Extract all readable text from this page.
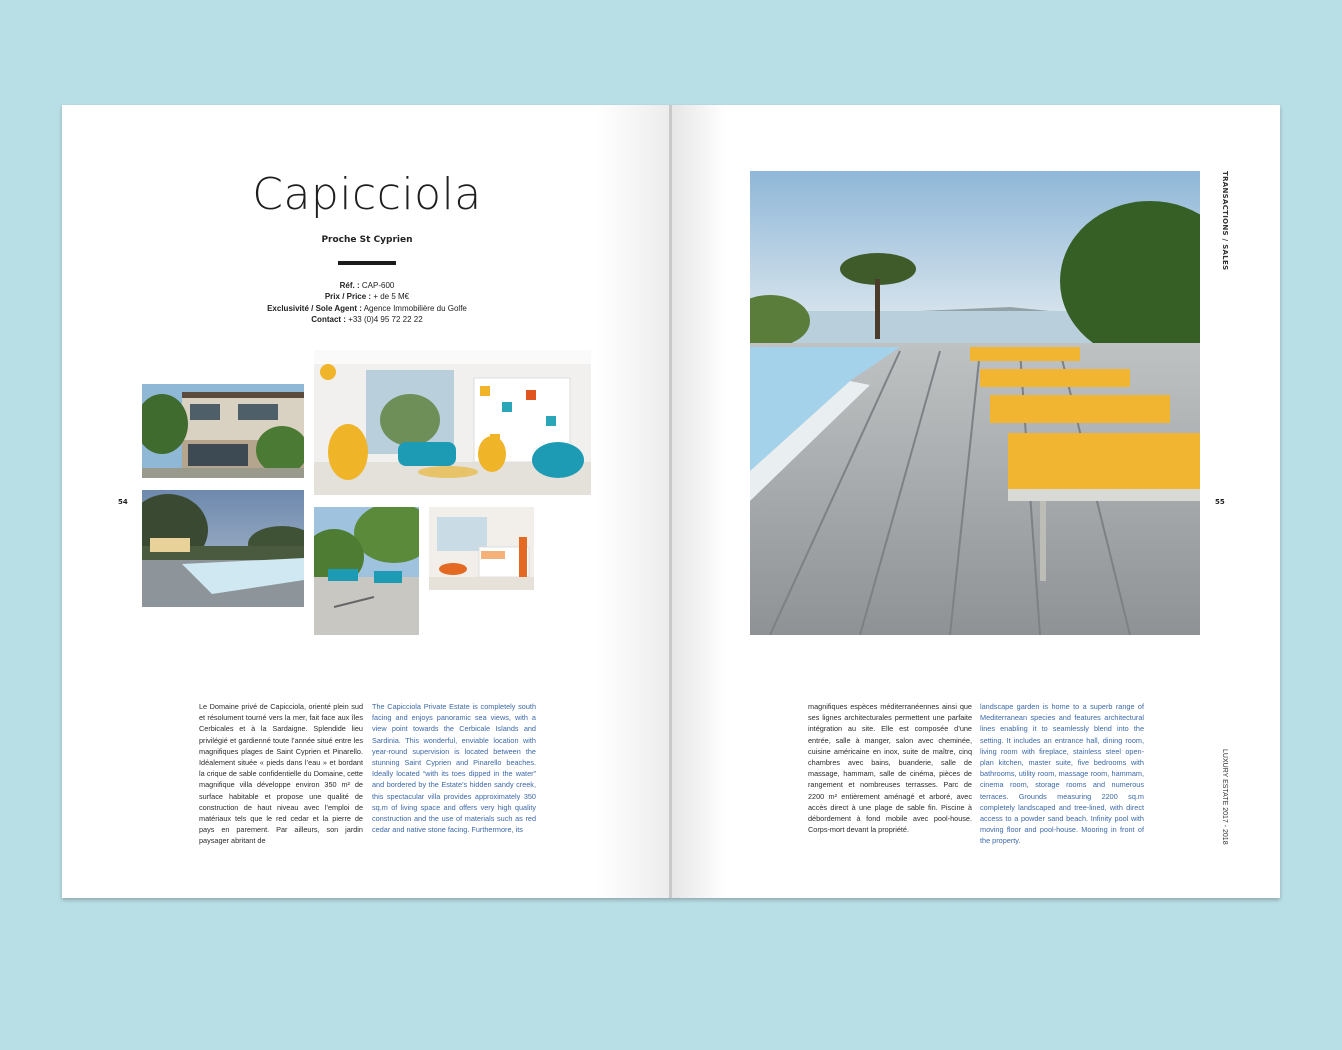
Capicciola
Proche St Cyprien
Réf. : CAP-600
Prix / Price : + de 5 M€
Exclusivité / Sole Agent : Agence Immobilière du Golfe
Contact : +33 (0)4 95 72 22 22
54
Le Domaine privé de Capicciola, orienté plein sud et résolument tourné vers la mer, fait face aux îles Cerbicales et à la Sardaigne. Splendide lieu privilégié et gardienné toute l’année situé entre les magnifiques plages de Saint Cyprien et Pinarello. Idéalement située « pieds dans l’eau » et bordant la crique de sable confidentielle du Domaine, cette magnifique villa développe environ 350 m² de surface habitable et propose une qualité de construction de haut niveau avec l’emploi de matériaux tels que le red cedar et la pierre de pays en parement. Par ailleurs, son jardin paysager abritant de
The Capicciola Private Estate is completely south facing and enjoys panoramic sea views, with a view point towards the Cerbicale Islands and Sardinia. This wonderful, enviable location with year-round supervision is located between the stunning Saint Cyprien and Pinarello beaches. Ideally located “with its toes dipped in the water” and bordered by the Estate’s hidden sandy creek, this spectacular villa provides approximately 350 sq.m of living space and offers very high quality construction and the use of materials such as red cedar and native stone facing. Furthermore, its
TRANSACTIONS / SALES
55
LUXURY ESTATE 2017 - 2018
magnifiques espèces méditerranéennes ainsi que ses lignes architecturales permettent une parfaite intégration au site. Elle est composée d’une entrée, salle à manger, salon avec cheminée, cuisine américaine en inox, suite de maître, cinq chambres avec bains, buanderie, salle de massage, hammam, salle de cinéma, pièces de rangement et nombreuses terrasses. Parc de 2200 m² entièrement aménagé et arboré, avec accès direct à une plage de sable fin. Piscine à débordement à fond mobile avec pool-house. Corps-mort devant la propriété.
landscape garden is home to a superb range of Mediterranean species and features architectural lines enabling it to seamlessly blend into the setting. It includes an entrance hall, dining room, living room with fireplace, stainless steel open-plan kitchen, master suite, five bedrooms with bathrooms, utility room, massage room, hammam, cinema room, storage rooms and numerous terraces. Grounds measuring 2200 sq.m completely landscaped and tree-lined, with direct access to a powder sand beach. Infinity pool with moving floor and pool-house. Mooring in front of the property.
